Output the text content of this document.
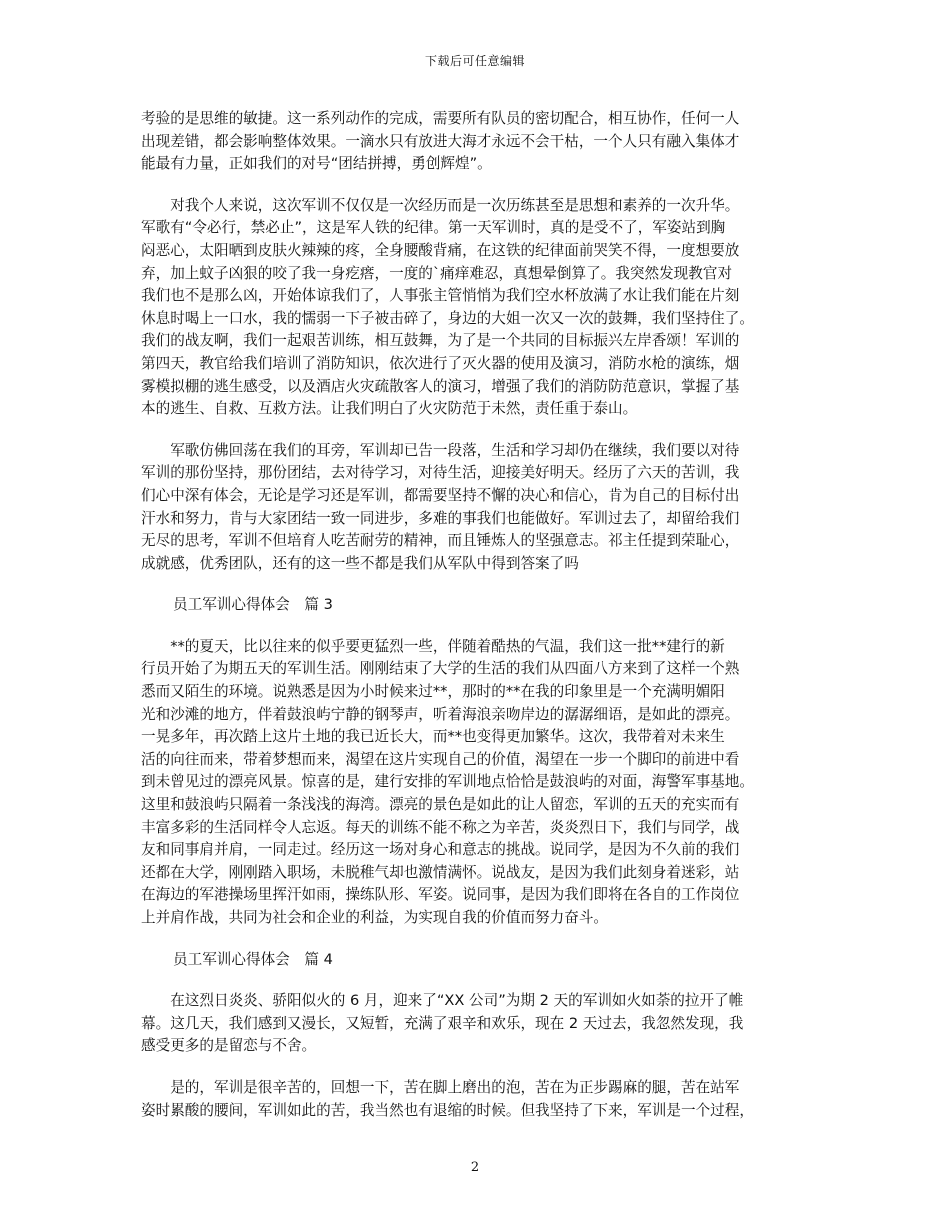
下载后可任意编辑
考验的是思维的敏捷。这一系列动作的完成，需要所有队员的密切配合，相互协作，任何一人
出现差错，都会影响整体效果。一滴水只有放进大海才永远不会干枯，一个人只有融入集体才
能最有力量，正如我们的对号“团结拼搏，勇创辉煌”。
　　对我个人来说，这次军训不仅仅是一次经历而是一次历练甚至是思想和素养的一次升华。
军歌有“令必行，禁必止”，这是军人铁的纪律。第一天军训时，真的是受不了，军姿站到胸
闷恶心，太阳晒到皮肤火辣辣的疼，全身腰酸背痛，在这铁的纪律面前哭笑不得，一度想要放
弃，加上蚊子凶狠的咬了我一身疙瘩，一度的`痛痒难忍，真想晕倒算了。我突然发现教官对
我们也不是那么凶，开始体谅我们了，人事张主管悄悄为我们空水杯放满了水让我们能在片刻
休息时喝上一口水，我的懦弱一下子被击碎了，身边的大姐一次又一次的鼓舞，我们坚持住了。
我们的战友啊，我们一起艰苦训练，相互鼓舞，为了是一个共同的目标振兴左岸香颂！军训的
第四天，教官给我们培训了消防知识，依次进行了灭火器的使用及演习，消防水枪的演练，烟
雾模拟棚的逃生感受，以及酒店火灾疏散客人的演习，增强了我们的消防防范意识，掌握了基
本的逃生、自救、互救方法。让我们明白了火灾防范于未然，责任重于泰山。
　　军歌仿佛回荡在我们的耳旁，军训却已告一段落，生活和学习却仍在继续，我们要以对待
军训的那份坚持，那份团结，去对待学习，对待生活，迎接美好明天。经历了六天的苦训，我
们心中深有体会，无论是学习还是军训，都需要坚持不懈的决心和信心，肯为自己的目标付出
汗水和努力，肯与大家团结一致一同进步，多难的事我们也能做好。军训过去了，却留给我们
无尽的思考，军训不但培育人吃苦耐劳的精神，而且锤炼人的坚强意志。祁主任提到荣耻心，
成就感，优秀团队，还有的这一些不都是我们从军队中得到答案了吗
员工军训心得体会　篇 3
　　**的夏天，比以往来的似乎要更猛烈一些，伴随着酷热的气温，我们这一批**建行的新
行员开始了为期五天的军训生活。刚刚结束了大学的生活的我们从四面八方来到了这样一个熟
悉而又陌生的环境。说熟悉是因为小时候来过**，那时的**在我的印象里是一个充满明媚阳
光和沙滩的地方，伴着鼓浪屿宁静的钢琴声，听着海浪亲吻岸边的潺潺细语，是如此的漂亮。
一晃多年，再次踏上这片土地的我已近长大，而**也变得更加繁华。这次，我带着对未来生
活的向往而来，带着梦想而来，渴望在这片实现自己的价值，渴望在一步一个脚印的前进中看
到未曾见过的漂亮风景。惊喜的是，建行安排的军训地点恰恰是鼓浪屿的对面，海警军事基地。
这里和鼓浪屿只隔着一条浅浅的海湾。漂亮的景色是如此的让人留恋，军训的五天的充实而有
丰富多彩的生活同样令人忘返。每天的训练不能不称之为辛苦，炎炎烈日下，我们与同学，战
友和同事肩并肩，一同走过。经历这一场对身心和意志的挑战。说同学，是因为不久前的我们
还都在大学，刚刚踏入职场，未脱稚气却也激情满怀。说战友，是因为我们此刻身着迷彩，站
在海边的军港操场里挥汗如雨，操练队形、军姿。说同事，是因为我们即将在各自的工作岗位
上并肩作战，共同为社会和企业的利益，为实现自我的价值而努力奋斗。
员工军训心得体会　篇 4
　　在这烈日炎炎、骄阳似火的 6 月，迎来了“XX 公司”为期 2 天的军训如火如荼的拉开了帷
幕。这几天，我们感到又漫长，又短暂，充满了艰辛和欢乐，现在 2 天过去，我忽然发现，我
感受更多的是留恋与不舍。
　　是的，军训是很辛苦的，回想一下，苦在脚上磨出的泡，苦在为正步踢麻的腿，苦在站军
姿时累酸的腰间，军训如此的苦，我当然也有退缩的时候。但我坚持了下来，军训是一个过程，
2
